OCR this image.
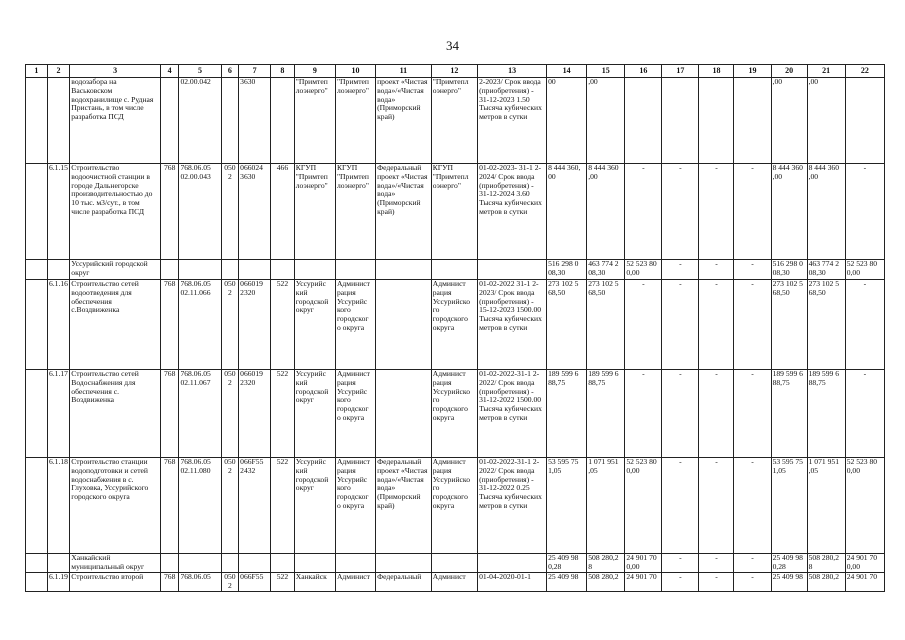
34
1	2	3	4	5	6	7	8	9	10	11	12	13	14	15	16	17	18	19	20	21	22
		водозабора на Васьковском водохранилище с. Рудная Пристань, в том числе разработка ПСД		02.00.042		3630		"Примтеп лоэнерго"	"Примтеп лоэнерго"	проект «Чистая вода»/«Чистая вода» (Приморский край)	"Примтепл оэнерго"	2-2023/ Срок ввода (приобретения) - 31-12-2023 1.50 Тысяча кубических метров в сутки	00	,00					,00	,00	
	6.1.15	Строительство водоочистной станции в городе Дальнегорске производительностью до 10 тыс. м3/сут., в том числе разработка ПСД	768	768.06.05 02.00.043	0502	066024 3630	466	КГУП "Примтеп лоэнерго"	КГУП "Примтеп лоэнерго"	Федеральный проект «Чистая вода»/«Чистая вода» (Приморский край)	КГУП "Примтепл оэнерго"	01-02-2023- 31-1 2-2024/ Срок ввода (приобретения) - 31-12-2024 3.60 Тысяча кубических метров в сутки	8 444 360, 00	8 444 360 ,00	-	-	-	-	8 444 360 ,00	8 444 360 ,00	-
		Уссурийский городской округ											516 298 0 08,30	463 774 2 08,30	52 523 80 0,00	-	-	-	516 298 0 08,30	463 774 2 08,30	52 523 80 0,00
	6.1.16	Строительство сетей водоотведения для обеспечения с.Воздвиженка	768	768.06.05 02.11.066	0502	066019 2320	522	Уссурийс кий городской округ	Админист рация Уссурийс кого городског о округа		Админист рация Уссурийско го городского округа	01-02-2022 31-1 2-2023/ Срок ввода (приобретения) - 15-12-2023 1500.00 Тысяча кубических метров в сутки	273 102 5 68,50	273 102 5 68,50	-	-	-	-	273 102 5 68,50	273 102 5 68,50	-
	6.1.17	Строительство сетей Водоснабжения для обеспечения с. Воздвиженка	768	768.06.05 02.11.067	0502	066019 2320	522	Уссурийс кий городской округ	Админист рация Уссурийс кого городског о округа		Админист рация Уссурийско го городского округа	01-02-2022-31-1 2-2022/ Срок ввода (приобретения) - 31-12-2022 1500.00 Тысяча кубических метров в сутки	189 599 6 88,75	189 599 6 88,75	-	-	-	-	189 599 6 88,75	189 599 6 88,75	-
	6.1.18	Строительство станции водоподготовки и сетей водоснабжения в с. Глуховка, Уссурийского городского округа	768	768.06.05 02.11.080	0502	066F55 2432	522	Уссурийс кий городской округ	Админист рация Уссурийс кого городског о округа	Федеральный проект «Чистая вода»/«Чистая вода» (Приморский край)	Админист рация Уссурийско го городского округа	01-02-2022-31-1 2-2022/ Срок ввода (приобретения) - 31-12-2022 0.25 Тысяча кубических метров в сутки	53 595 75 1,05	1 071 951 ,05	52 523 80 0,00	-	-	-	53 595 75 1,05	1 071 951 ,05	52 523 80 0,00
		Ханкайский муниципальный округ											25 409 98 0,28	508 280,2 8	24 901 70 0,00	-	-	-	25 409 98 0,28	508 280,2 8	24 901 70 0,00
	6.1.19	Строительство второй	768	768.06.05	0502	066F55	522	Ханкайск	Админист	Федеральный	Админист	01-04-2020-01-1	25 409 98	508 280,2	24 901 70	-	-	-	25 409 98	508 280,2	24 901 70
